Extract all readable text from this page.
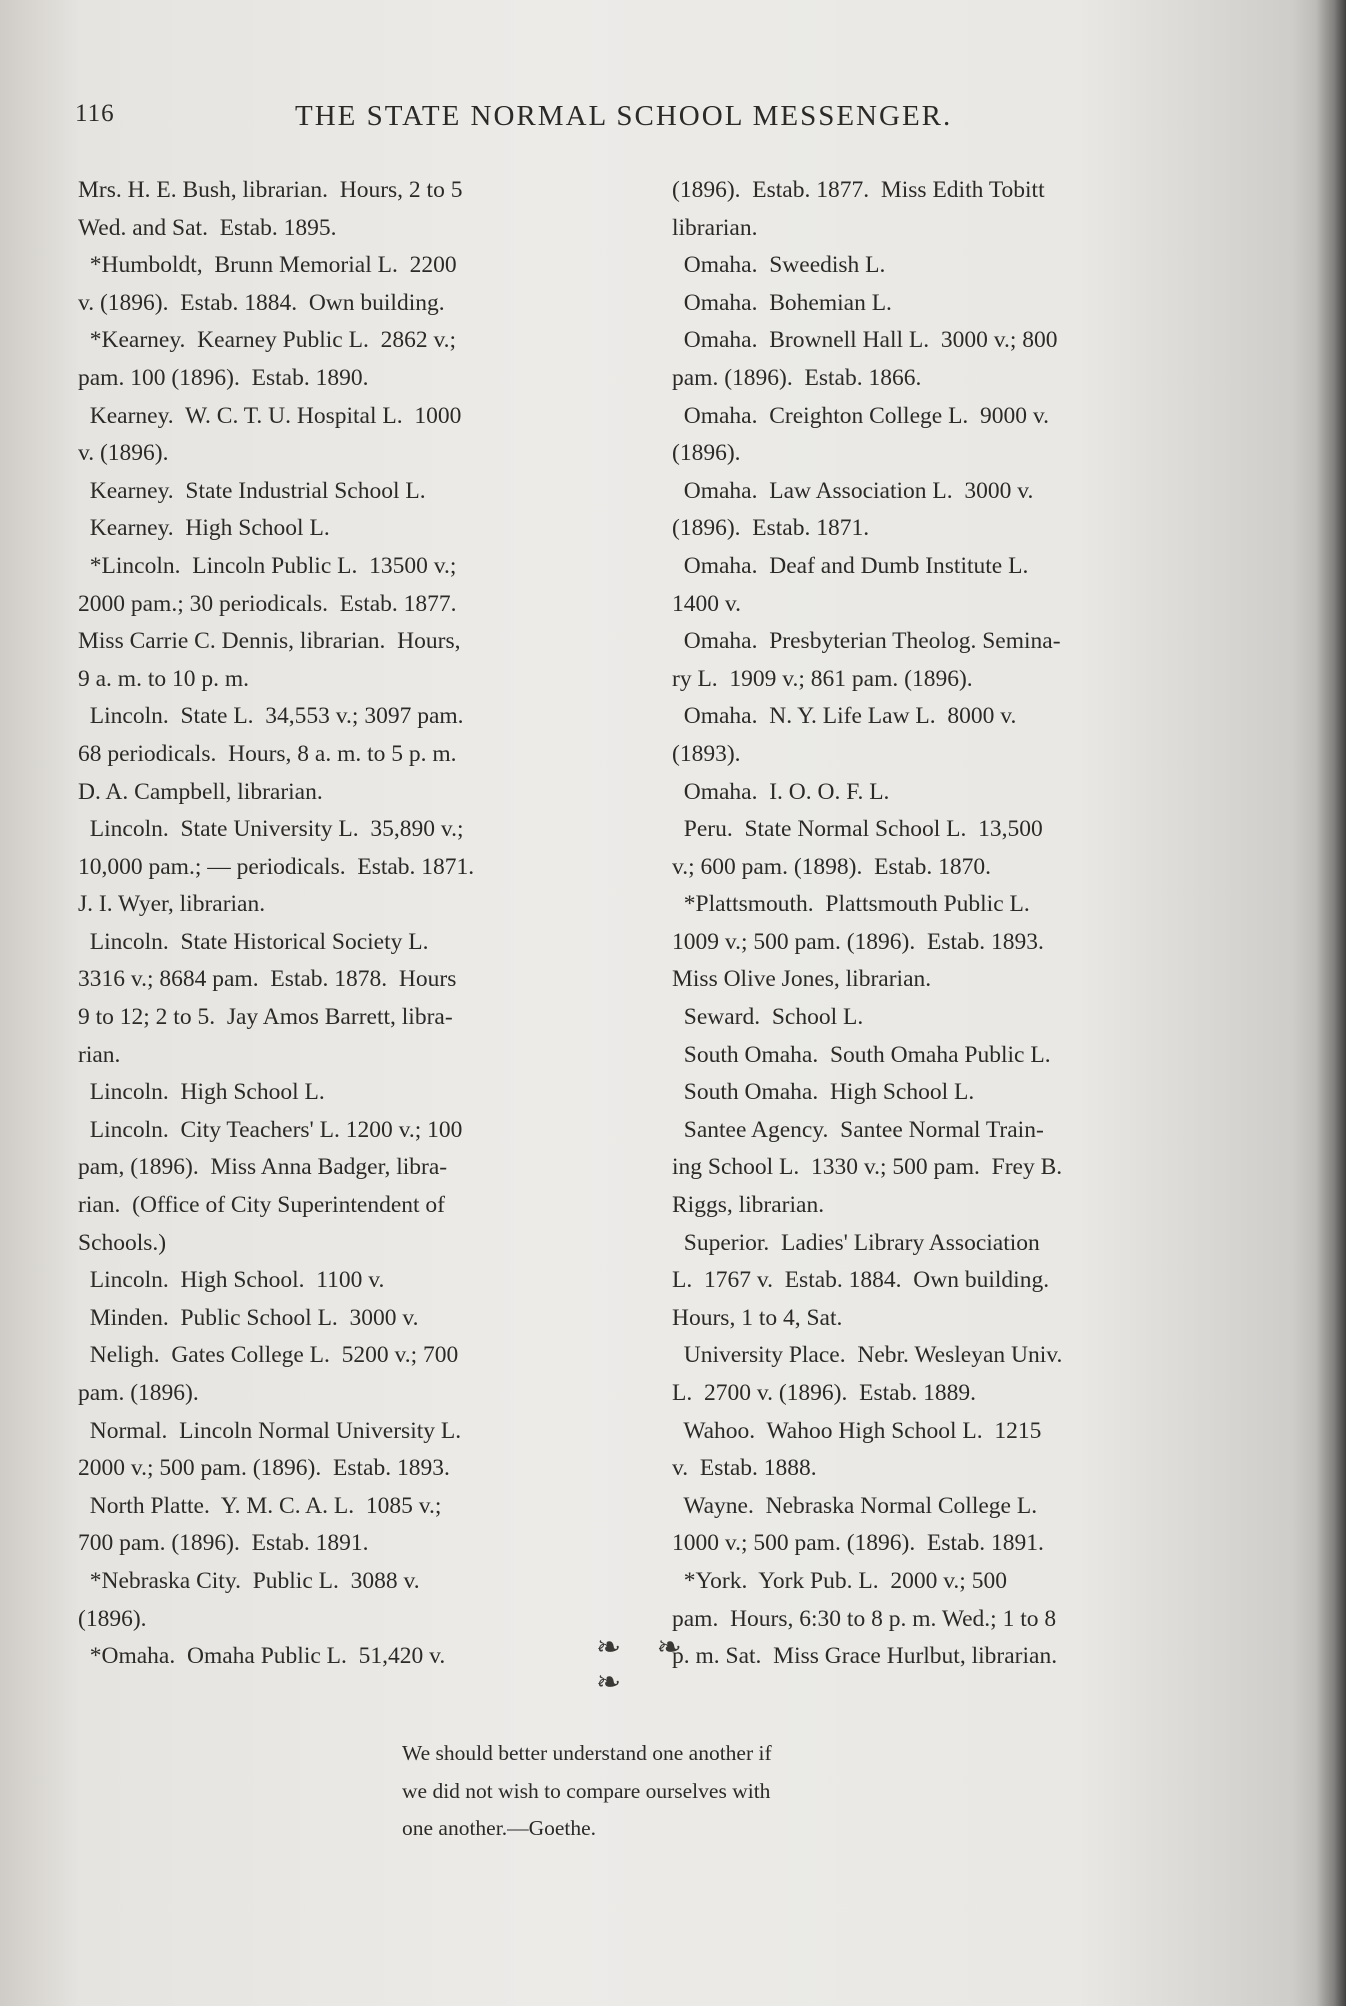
116	THE STATE NORMAL SCHOOL MESSENGER.
Mrs. H. E. Bush, librarian.  Hours, 2 to 5
Wed. and Sat.  Estab. 1895.
*Humboldt,  Brunn Memorial L.  2200
v. (1896).  Estab. 1884.  Own building.
*Kearney.  Kearney Public L.  2862 v.;
pam. 100 (1896).  Estab. 1890.
Kearney.  W. C. T. U. Hospital L.  1000
v. (1896).
Kearney.  State Industrial School L.
Kearney.  High School L.
*Lincoln.  Lincoln Public L.  13500 v.;
2000 pam.; 30 periodicals.  Estab. 1877.
Miss Carrie C. Dennis, librarian.  Hours,
9 a. m. to 10 p. m.
Lincoln.  State L.  34,553 v.; 3097 pam.
68 periodicals.  Hours, 8 a. m. to 5 p. m.
D. A. Campbell, librarian.
Lincoln.  State University L.  35,890 v.;
10,000 pam.; — periodicals.  Estab. 1871.
J. I. Wyer, librarian.
Lincoln.  State Historical Society L.
3316 v.; 8684 pam.  Estab. 1878.  Hours
9 to 12; 2 to 5.  Jay Amos Barrett, libra-
rian.
Lincoln.  High School L.
Lincoln.  City Teachers' L. 1200 v.; 100
pam, (1896).  Miss Anna Badger, libra-
rian.  (Office of City Superintendent of
Schools.)
Lincoln.  High School.  1100 v.
Minden.  Public School L.  3000 v.
Neligh.  Gates College L.  5200 v.; 700
pam. (1896).
Normal.  Lincoln Normal University L.
2000 v.; 500 pam. (1896).  Estab. 1893.
North Platte.  Y. M. C. A. L.  1085 v.;
700 pam. (1896).  Estab. 1891.
*Nebraska City.  Public L.  3088 v.
(1896).
*Omaha.  Omaha Public L.  51,420 v.
(1896).  Estab. 1877.  Miss Edith Tobitt
librarian.
Omaha.  Sweedish L.
Omaha.  Bohemian L.
Omaha.  Brownell Hall L.  3000 v.; 800
pam. (1896).  Estab. 1866.
Omaha.  Creighton College L.  9000 v.
(1896).
Omaha.  Law Association L.  3000 v.
(1896).  Estab. 1871.
Omaha.  Deaf and Dumb Institute L.
1400 v.
Omaha.  Presbyterian Theolog. Semina-
ry L.  1909 v.; 861 pam. (1896).
Omaha.  N. Y. Life Law L.  8000 v.
(1893).
Omaha.  I. O. O. F. L.
Peru.  State Normal School L.  13,500
v.; 600 pam. (1898).  Estab. 1870.
*Plattsmouth.  Plattsmouth Public L.
1009 v.; 500 pam. (1896).  Estab. 1893.
Miss Olive Jones, librarian.
Seward.  School L.
South Omaha.  South Omaha Public L.
South Omaha.  High School L.
Santee Agency.  Santee Normal Train-
ing School L.  1330 v.; 500 pam.  Frey B.
Riggs, librarian.
Superior.  Ladies' Library Association
L.  1767 v.  Estab. 1884.  Own building.
Hours, 1 to 4, Sat.
University Place.  Nebr. Wesleyan Univ.
L.  2700 v. (1896).  Estab. 1889.
Wahoo.  Wahoo High School L.  1215
v.  Estab. 1888.
Wayne.  Nebraska Normal College L.
1000 v.; 500 pam. (1896).  Estab. 1891.
*York.  York Pub. L.  2000 v.; 500
pam.  Hours, 6:30 to 8 p. m. Wed.; 1 to 8
p. m. Sat.  Miss Grace Hurlbut, librarian.
❧ ❧ ❧
We should better understand one another if
we did not wish to compare ourselves with
one another.—Goethe.
